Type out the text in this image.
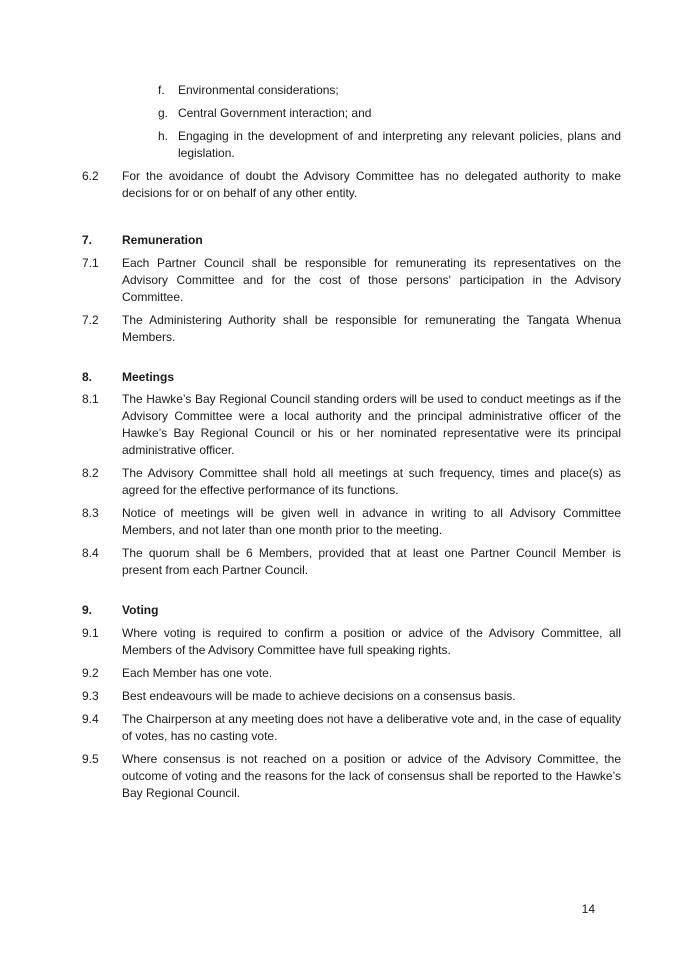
f.	Environmental considerations;
g. Central Government interaction; and
h. Engaging in the development of and interpreting any relevant policies, plans and legislation.
6.2	For the avoidance of doubt the Advisory Committee has no delegated authority to make decisions for or on behalf of any other entity.
7. Remuneration
7.1	Each Partner Council shall be responsible for remunerating its representatives on the Advisory Committee and for the cost of those persons' participation in the Advisory Committee.
7.2	The Administering Authority shall be responsible for remunerating the Tangata Whenua Members.
8. Meetings
8.1	The Hawke’s Bay Regional Council standing orders will be used to conduct meetings as if the Advisory Committee were a local authority and the principal administrative officer of the Hawke’s Bay Regional Council or his or her nominated representative were its principal administrative officer.
8.2	The Advisory Committee shall hold all meetings at such frequency, times and place(s) as agreed for the effective performance of its functions.
8.3	Notice of meetings will be given well in advance in writing to all Advisory Committee Members, and not later than one month prior to the meeting.
8.4	The quorum shall be 6 Members, provided that at least one Partner Council Member is present from each Partner Council.
9. Voting
9.1	Where voting is required to confirm a position or advice of the Advisory Committee, all Members of the Advisory Committee have full speaking rights.
9.2	Each Member has one vote.
9.3	Best endeavours will be made to achieve decisions on a consensus basis.
9.4	The Chairperson at any meeting does not have a deliberative vote and, in the case of equality of votes, has no casting vote.
9.5	Where consensus is not reached on a position or advice of the Advisory Committee, the outcome of voting and the reasons for the lack of consensus shall be reported to the Hawke’s Bay Regional Council.
14
